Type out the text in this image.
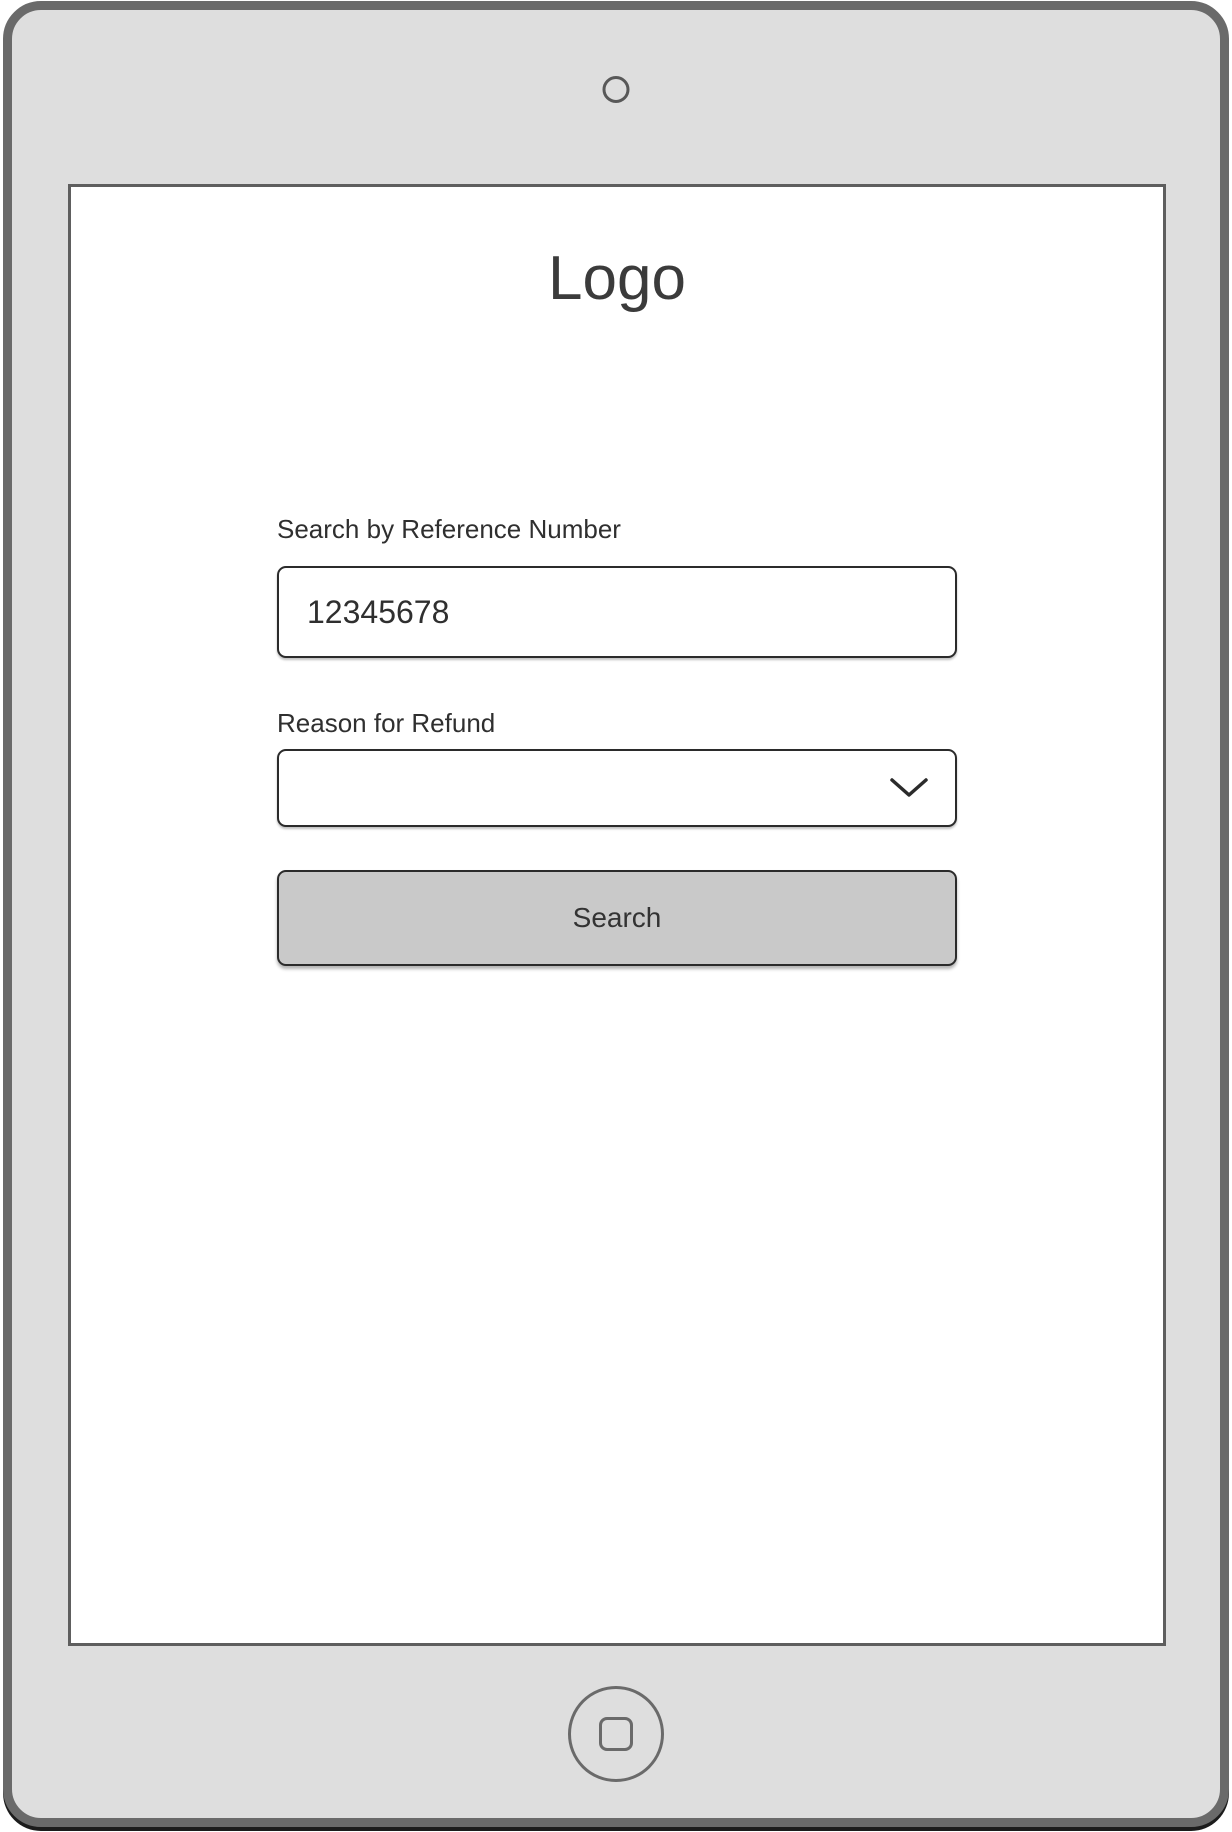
Logo
Search by Reference Number
12345678
Reason for Refund
Search
